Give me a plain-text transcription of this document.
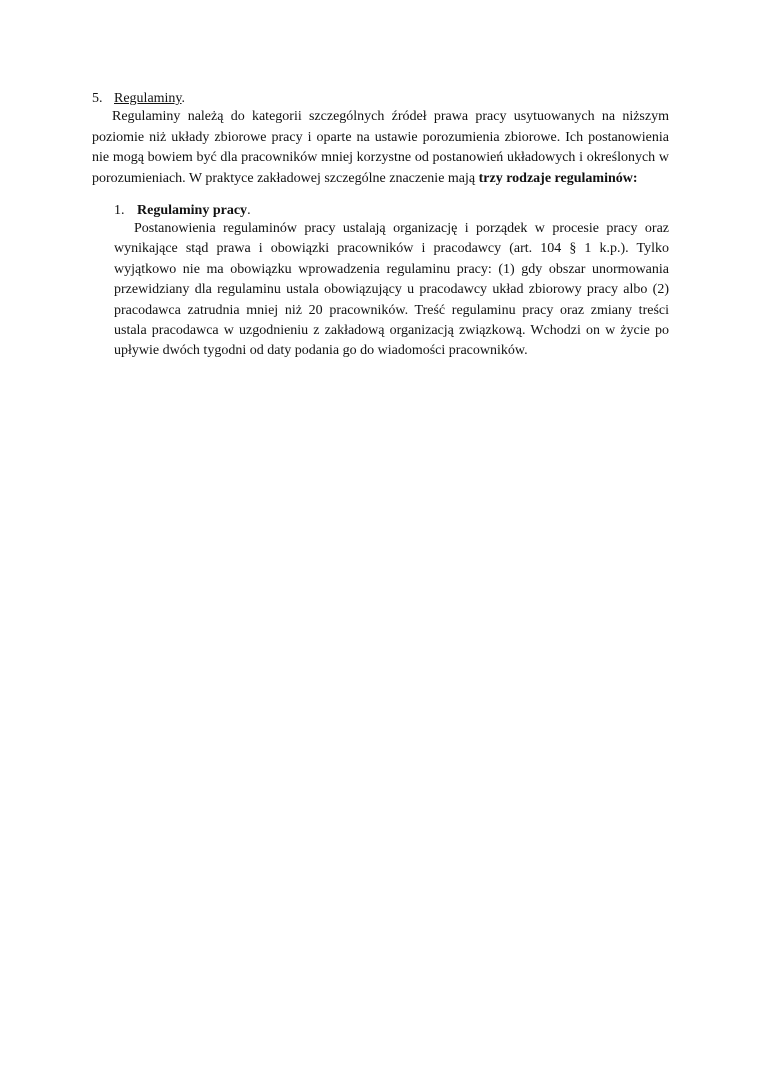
5. Regulaminy.

Regulaminy należą do kategorii szczególnych źródeł prawa pracy usytuowanych na niższym poziomie niż układy zbiorowe pracy i oparte na ustawie porozumienia zbiorowe. Ich postanowienia nie mogą bowiem być dla pracowników mniej korzystne od postanowień układowych i określonych w porozumieniach. W praktyce zakładowej szczególne znaczenie mają trzy rodzaje regulaminów:

1. Regulaminy pracy.

Postanowienia regulaminów pracy ustalają organizację i porządek w procesie pracy oraz wynikające stąd prawa i obowiązki pracowników i pracodawcy (art. 104 § 1 k.p.). Tylko wyjątkowo nie ma obowiązku wprowadzenia regulaminu pracy: (1) gdy obszar unormowania przewidziany dla regulaminu ustala obowiązujący u pracodawcy układ zbiorowy pracy albo (2) pracodawca zatrudnia mniej niż 20 pracowników. Treść regulaminu pracy oraz zmiany treści ustala pracodawca w uzgodnieniu z zakładową organizacją związkową. Wchodzi on w życie po upływie dwóch tygodni od daty podania go do wiadomości pracowników.
